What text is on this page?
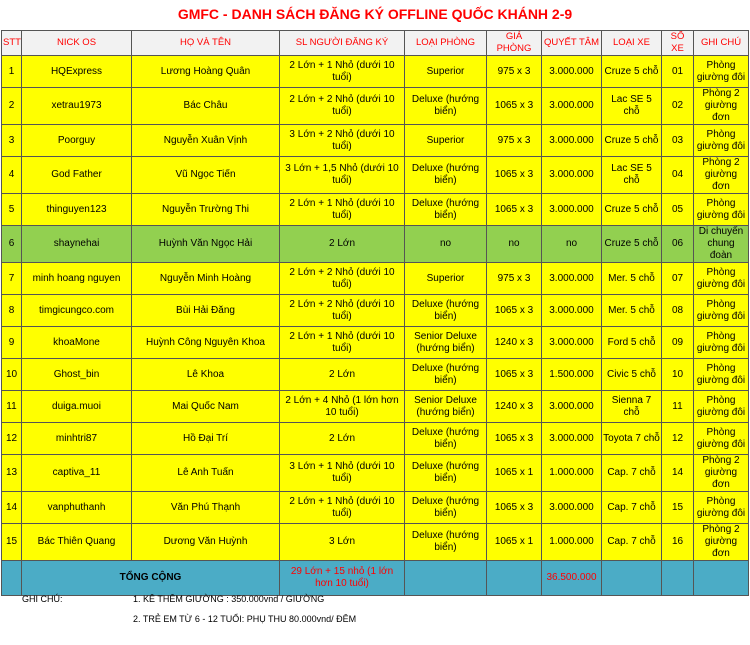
GMFC - DANH SÁCH ĐĂNG KÝ OFFLINE QUỐC KHÁNH 2-9
STT	NICK OS	HỌ VÀ TÊN	SL NGƯỜI ĐĂNG KÝ	LOẠI PHÒNG	GIÁ PHÒNG	QUYẾT TÂM	LOẠI XE	SỐ XE	GHI CHÚ
1	HQExpress	Lương Hoàng Quân	2 Lớn + 1 Nhỏ (dưới 10 tuổi)	Superior	975 x 3	3.000.000	Cruze 5 chỗ	01	Phòng giường đôi
2	xetrau1973	Bác Châu	2 Lớn + 2 Nhỏ (dưới 10 tuổi)	Deluxe (hướng biển)	1065 x 3	3.000.000	Lac SE 5 chỗ	02	Phòng 2 giường đơn
3	Poorguy	Nguyễn Xuân Vịnh	3 Lớn + 2 Nhỏ (dưới 10 tuổi)	Superior	975 x 3	3.000.000	Cruze 5 chỗ	03	Phòng giường đôi
4	God Father	Vũ Ngọc Tiến	3 Lớn + 1,5 Nhỏ (dưới 10 tuổi)	Deluxe (hướng biển)	1065 x 3	3.000.000	Lac SE 5 chỗ	04	Phòng 2 giường đơn
5	thinguyen123	Nguyễn Trường Thi	2 Lớn + 1 Nhỏ (dưới 10 tuổi)	Deluxe (hướng biển)	1065 x 3	3.000.000	Cruze 5 chỗ	05	Phòng giường đôi
6	shaynehai	Huỳnh Văn Ngọc Hải	2 Lớn	no	no	no	Cruze 5 chỗ	06	Di chuyển chung đoàn
7	minh hoang nguyen	Nguyễn Minh Hoàng	2 Lớn + 2 Nhỏ (dưới 10 tuổi)	Superior	975 x 3	3.000.000	Mer. 5 chỗ	07	Phòng giường đôi
8	timgicungco.com	Bùi Hải Đăng	2 Lớn + 2 Nhỏ (dưới 10 tuổi)	Deluxe (hướng biển)	1065 x 3	3.000.000	Mer. 5 chỗ	08	Phòng giường đôi
9	khoaMone	Huỳnh Công Nguyên Khoa	2 Lớn + 1 Nhỏ (dưới 10 tuổi)	Senior Deluxe (hướng biển)	1240 x 3	3.000.000	Ford 5 chỗ	09	Phòng giường đôi
10	Ghost_bin	Lê Khoa	2 Lớn	Deluxe (hướng biển)	1065 x 3	1.500.000	Civic 5 chỗ	10	Phòng giường đôi
11	duiga.muoi	Mai Quốc Nam	2 Lớn + 4 Nhỏ (1 lớn hơn 10 tuổi)	Senior Deluxe (hướng biển)	1240 x 3	3.000.000	Sienna 7 chỗ	11	Phòng giường đôi
12	minhtri87	Hồ Đại Trí	2 Lớn	Deluxe (hướng biển)	1065 x 3	3.000.000	Toyota 7 chỗ	12	Phòng giường đôi
13	captiva_11	Lê Anh Tuấn	3 Lớn + 1 Nhỏ (dưới 10 tuổi)	Deluxe (hướng biển)	1065 x 1	1.000.000	Cap. 7 chỗ	14	Phòng 2 giường đơn
14	vanphuthanh	Văn Phú Thạnh	2 Lớn + 1 Nhỏ (dưới 10 tuổi)	Deluxe (hướng biển)	1065 x 3	3.000.000	Cap. 7 chỗ	15	Phòng giường đôi
15	Bác Thiên Quang	Dương Văn Huỳnh	3 Lớn	Deluxe (hướng biển)	1065 x 1	1.000.000	Cap. 7 chỗ	16	Phòng 2 giường đơn
	TỔNG CỘNG		29 Lớn + 15 nhỏ (1 lớn hơn 10 tuổi)			36.500.000			
GHI CHÚ:	1. KÊ THÊM GIƯỜNG : 350.000vnd / GIƯỜNG
2. TRẺ EM TỪ 6 - 12 TUỔI: PHỤ THU 80.000vnd/ ĐÊM
